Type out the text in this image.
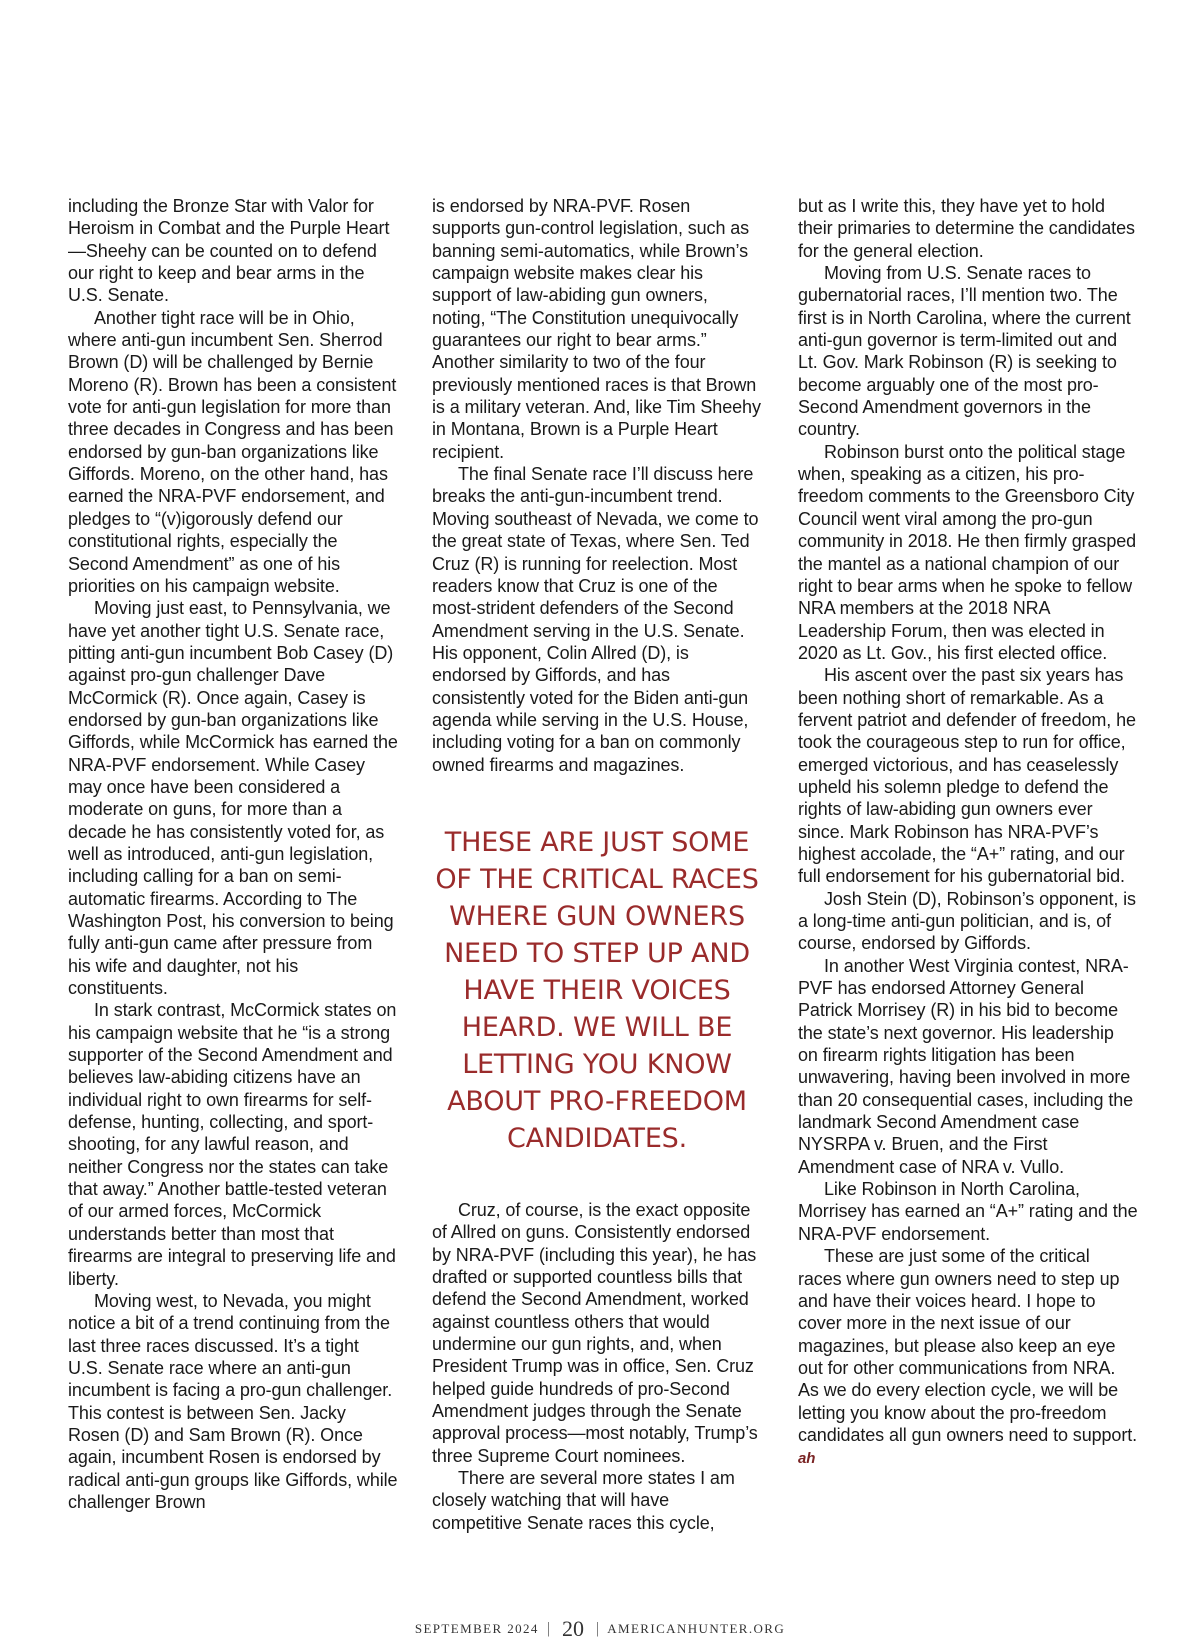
including the Bronze Star with Valor for Heroism in Combat and the Purple Heart—Sheehy can be counted on to defend our right to keep and bear arms in the U.S. Senate.

Another tight race will be in Ohio, where anti-gun incumbent Sen. Sherrod Brown (D) will be challenged by Bernie Moreno (R). Brown has been a consistent vote for anti-gun legislation for more than three decades in Congress and has been endorsed by gun-ban organizations like Giffords. Moreno, on the other hand, has earned the NRA-PVF endorsement, and pledges to “(v)igorously defend our constitutional rights, especially the Second Amendment” as one of his priorities on his campaign website.

Moving just east, to Pennsylvania, we have yet another tight U.S. Senate race, pitting anti-gun incumbent Bob Casey (D) against pro-gun challenger Dave McCormick (R). Once again, Casey is endorsed by gun-ban organizations like Giffords, while McCormick has earned the NRA-PVF endorsement. While Casey may once have been considered a moderate on guns, for more than a decade he has consistently voted for, as well as introduced, anti-gun legislation, including calling for a ban on semi-automatic firearms. According to The Washington Post, his conversion to being fully anti-gun came after pressure from his wife and daughter, not his constituents.

In stark contrast, McCormick states on his campaign website that he “is a strong supporter of the Second Amendment and believes law-abiding citizens have an individual right to own firearms for self-defense, hunting, collecting, and sport-shooting, for any lawful reason, and neither Congress nor the states can take that away.” Another battle-tested veteran of our armed forces, McCormick understands better than most that firearms are integral to preserving life and liberty.

Moving west, to Nevada, you might notice a bit of a trend continuing from the last three races discussed. It’s a tight U.S. Senate race where an anti-gun incumbent is facing a pro-gun challenger. This contest is between Sen. Jacky Rosen (D) and Sam Brown (R). Once again, incumbent Rosen is endorsed by radical anti-gun groups like Giffords, while challenger Brown

is endorsed by NRA-PVF. Rosen supports gun-control legislation, such as banning semi-automatics, while Brown’s campaign website makes clear his support of law-abiding gun owners, noting, “The Constitution unequivocally guarantees our right to bear arms.” Another similarity to two of the four previously mentioned races is that Brown is a military veteran. And, like Tim Sheehy in Montana, Brown is a Purple Heart recipient.

The final Senate race I’ll discuss here breaks the anti-gun-incumbent trend. Moving southeast of Nevada, we come to the great state of Texas, where Sen. Ted Cruz (R) is running for reelection. Most readers know that Cruz is one of the most-strident defenders of the Second Amendment serving in the U.S. Senate. His opponent, Colin Allred (D), is endorsed by Giffords, and has consistently voted for the Biden anti-gun agenda while serving in the U.S. House, including voting for a ban on commonly owned firearms and magazines.

THESE ARE JUST SOME
OF THE CRITICAL RACES
WHERE GUN OWNERS
NEED TO STEP UP AND
HAVE THEIR VOICES
HEARD. WE WILL BE
LETTING YOU KNOW
ABOUT PRO-FREEDOM
CANDIDATES.

Cruz, of course, is the exact opposite of Allred on guns. Consistently endorsed by NRA-PVF (including this year), he has drafted or supported countless bills that defend the Second Amendment, worked against countless others that would undermine our gun rights, and, when President Trump was in office, Sen. Cruz helped guide hundreds of pro-Second Amendment judges through the Senate approval process—most notably, Trump’s three Supreme Court nominees.

There are several more states I am closely watching that will have competitive Senate races this cycle,

but as I write this, they have yet to hold their primaries to determine the candidates for the general election.

Moving from U.S. Senate races to gubernatorial races, I’ll mention two. The first is in North Carolina, where the current anti-gun governor is term-limited out and Lt. Gov. Mark Robinson (R) is seeking to become arguably one of the most pro-Second Amendment governors in the country.

Robinson burst onto the political stage when, speaking as a citizen, his pro-freedom comments to the Greensboro City Council went viral among the pro-gun community in 2018. He then firmly grasped the mantel as a national champion of our right to bear arms when he spoke to fellow NRA members at the 2018 NRA Leadership Forum, then was elected in 2020 as Lt. Gov., his first elected office.

His ascent over the past six years has been nothing short of remarkable. As a fervent patriot and defender of freedom, he took the courageous step to run for office, emerged victorious, and has ceaselessly upheld his solemn pledge to defend the rights of law-abiding gun owners ever since. Mark Robinson has NRA-PVF’s highest accolade, the “A+” rating, and our full endorsement for his gubernatorial bid.

Josh Stein (D), Robinson’s opponent, is a long-time anti-gun politician, and is, of course, endorsed by Giffords.

In another West Virginia contest, NRA-PVF has endorsed Attorney General Patrick Morrisey (R) in his bid to become the state’s next governor. His leadership on firearm rights litigation has been unwavering, having been involved in more than 20 consequential cases, including the landmark Second Amendment case NYSRPA v. Bruen, and the First Amendment case of NRA v. Vullo.

Like Robinson in North Carolina, Morrisey has earned an “A+” rating and the NRA-PVF endorsement.

These are just some of the critical races where gun owners need to step up and have their voices heard. I hope to cover more in the next issue of our magazines, but please also keep an eye out for other communications from NRA. As we do every election cycle, we will be letting you know about the pro-freedom candidates all gun owners need to support. ah

SEPTEMBER 2024 | 20 | AMERICANHUNTER.ORG
